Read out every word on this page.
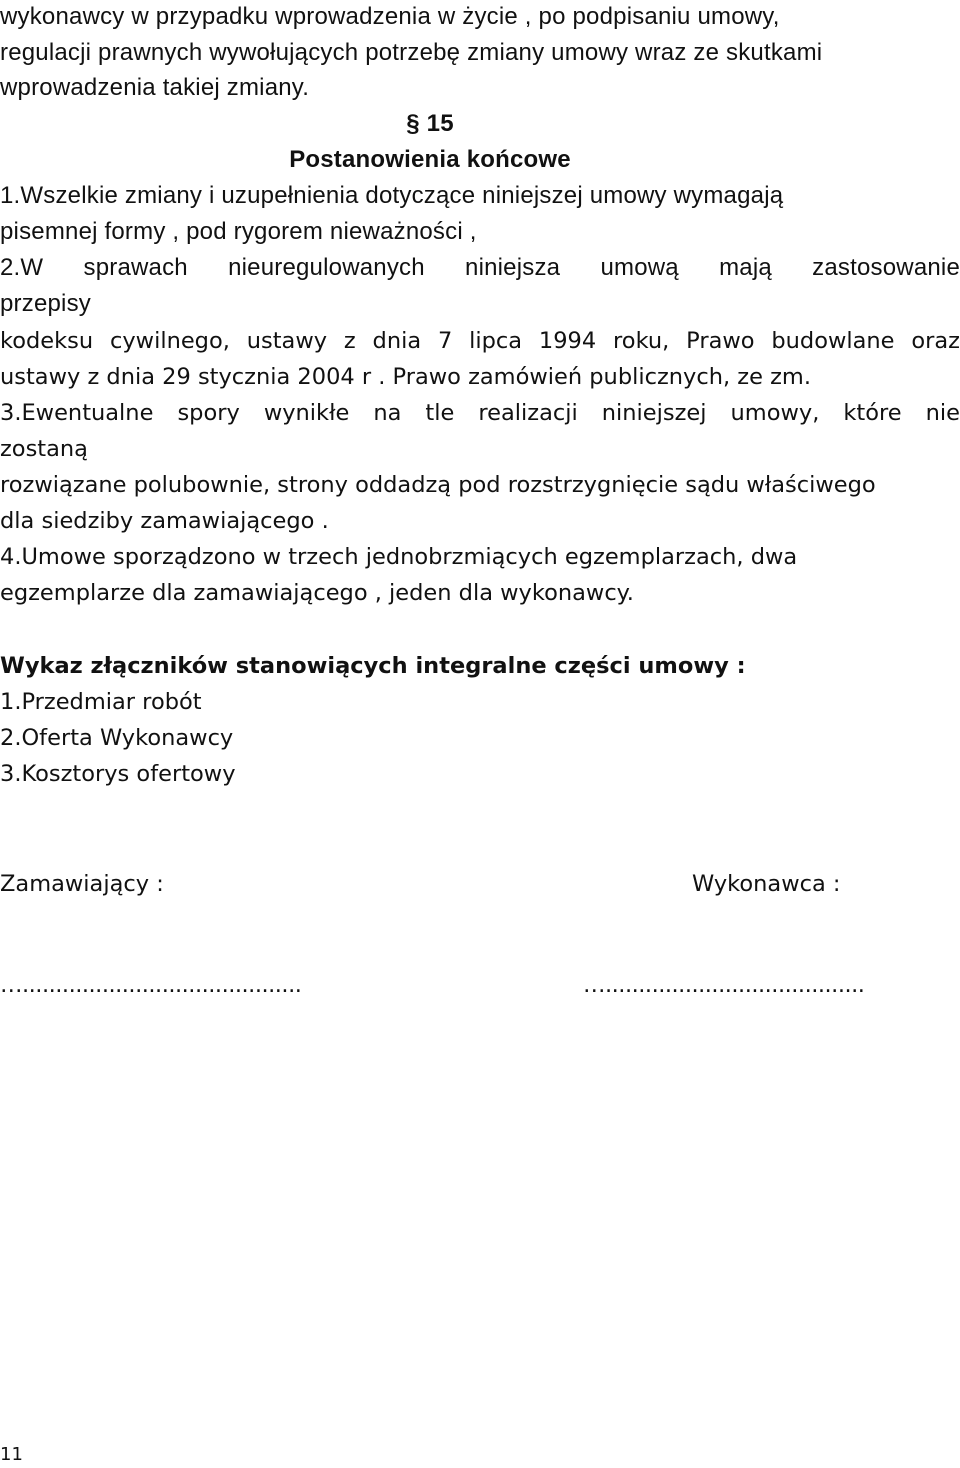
wykonawcy w przypadku wprowadzenia w życie , po podpisaniu umowy,

regulacji prawnych wywołujących potrzebę zmiany umowy wraz ze skutkami

wprowadzenia takiej zmiany.

§ 15

Postanowienia końcowe

1.Wszelkie zmiany i uzupełnienia dotyczące niniejszej umowy wymagają

pisemnej formy , pod rygorem nieważności ,

2.W sprawach nieuregulowanych niniejsza umową mają zastosowanie

przepisy

kodeksu cywilnego, ustawy z dnia 7 lipca 1994 roku, Prawo budowlane oraz

ustawy z dnia 29 stycznia 2004 r . Prawo zamówień publicznych, ze zm.

3.Ewentualne spory wynikłe na tle realizacji niniejszej umowy, które nie

zostaną

rozwiązane polubownie, strony oddadzą pod rozstrzygnięcie sądu właściwego

dla siedziby zamawiającego .

4.Umowe sporządzono w trzech jednobrzmiących egzemplarzach, dwa

egzemplarze dla zamawiającego , jeden dla wykonawcy.

Wykaz złączników stanowiących integralne części umowy :

1.Przedmiar robót

2.Oferta Wykonawcy

3.Kosztorys ofertowy

Zamawiający :	Wykonawca :

…..........................................	….......................................

11
